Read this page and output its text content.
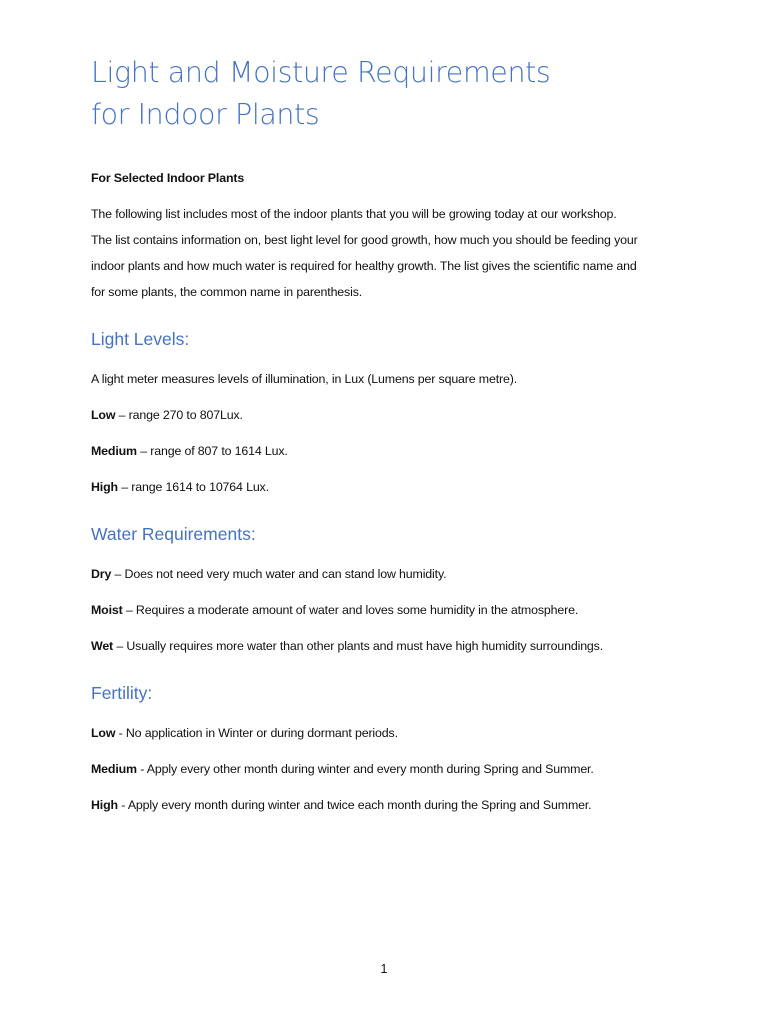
Light and Moisture Requirements
for Indoor Plants
For Selected Indoor Plants
The following list includes most of the indoor plants that you will be growing today at our workshop.
The list contains information on, best light level for good growth, how much you should be feeding your
indoor plants and how much water is required for healthy growth. The list gives the scientific name and
for some plants, the common name in parenthesis.
Light Levels:
A light meter measures levels of illumination, in Lux (Lumens per square metre).
Low – range 270 to 807Lux.
Medium – range of 807 to 1614 Lux.
High – range 1614 to 10764 Lux.
Water Requirements:
Dry – Does not need very much water and can stand low humidity.
Moist – Requires a moderate amount of water and loves some humidity in the atmosphere.
Wet – Usually requires more water than other plants and must have high humidity surroundings.
Fertility:
Low - No application in Winter or during dormant periods.
Medium - Apply every other month during winter and every month during Spring and Summer.
High - Apply every month during winter and twice each month during the Spring and Summer.
1
